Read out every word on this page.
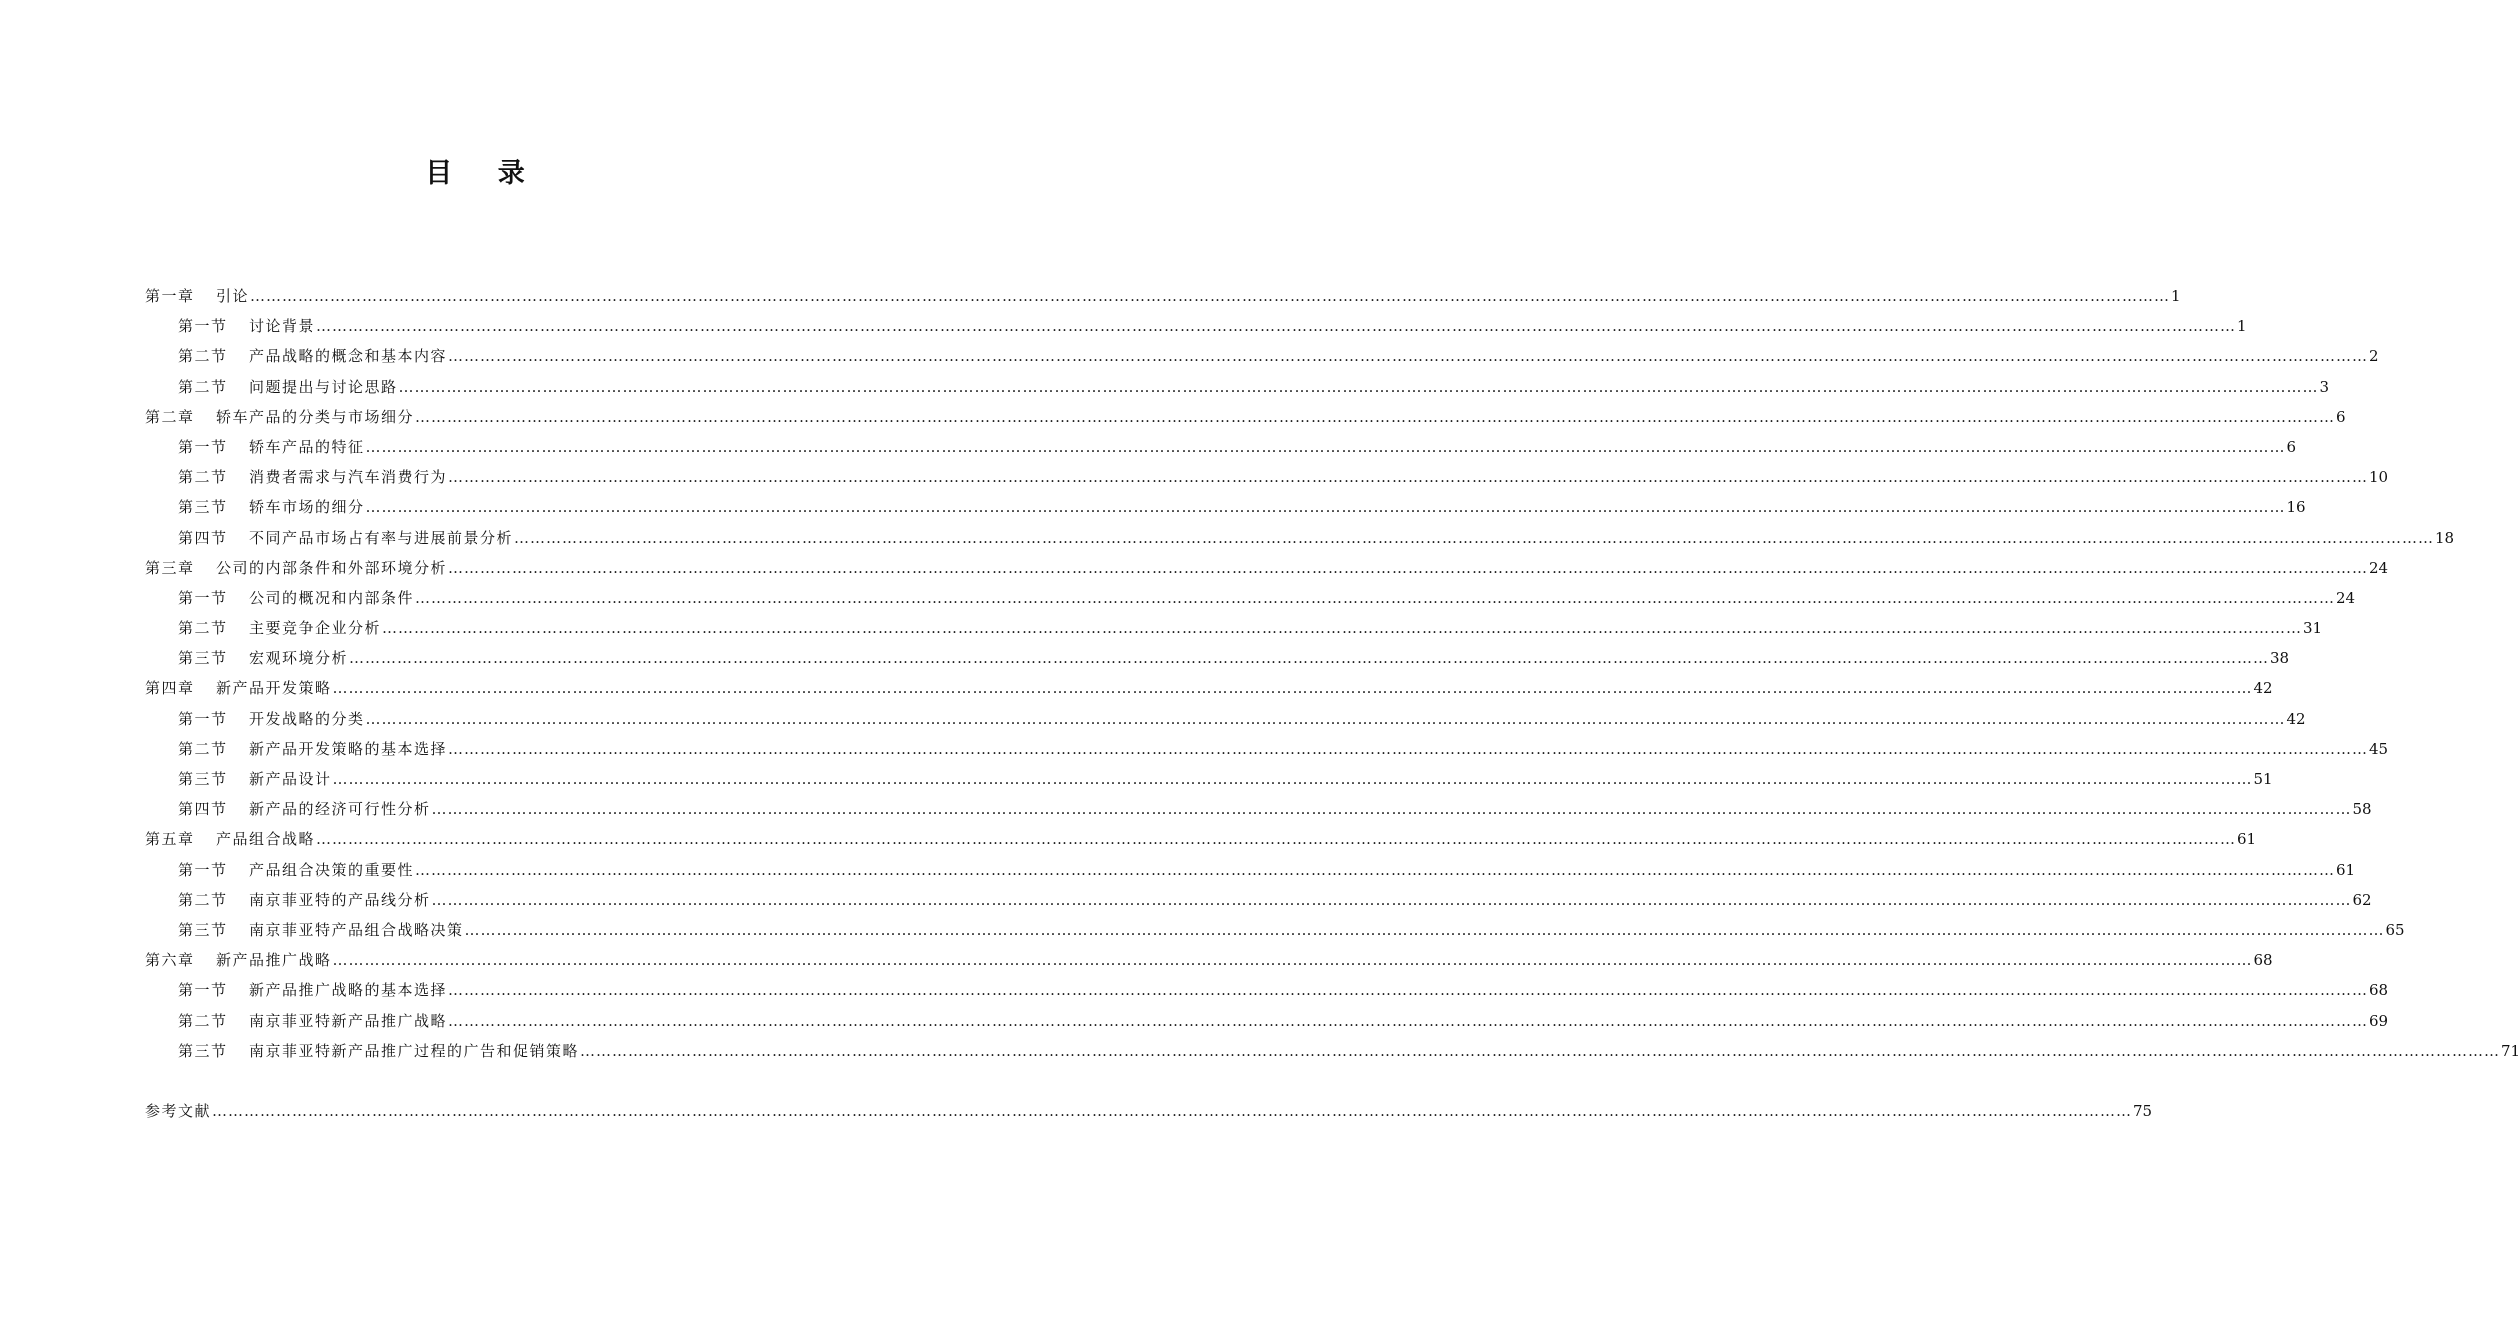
目 录
第一章	引论 ……………………………………………………………………………………………………………………………………………………………………………………………………………………………………………………………………………………………………………………………… 1
第一节	讨论背景 ……………………………………………………………………………………………………………………………………………………………………………………………………………………………………………………………………………………………………………………………… 1
第二节	产品战略的概念和基本内容 ……………………………………………………………………………………………………………………………………………………………………………………………………………………………………………………………………………………………………………………………… 2
第二节	问题提出与讨论思路 ……………………………………………………………………………………………………………………………………………………………………………………………………………………………………………………………………………………………………………………………… 3
第二章	轿车产品的分类与市场细分 ……………………………………………………………………………………………………………………………………………………………………………………………………………………………………………………………………………………………………………………………… 6
第一节	轿车产品的特征 ……………………………………………………………………………………………………………………………………………………………………………………………………………………………………………………………………………………………………………………………… 6
第二节	消费者需求与汽车消费行为 ……………………………………………………………………………………………………………………………………………………………………………………………………………………………………………………………………………………………………………………………… 10
第三节	轿车市场的细分 ……………………………………………………………………………………………………………………………………………………………………………………………………………………………………………………………………………………………………………………………… 16
第四节	不同产品市场占有率与进展前景分析 ……………………………………………………………………………………………………………………………………………………………………………………………………………………………………………………………………………………………………………………………… 18
第三章	公司的内部条件和外部环境分析 ……………………………………………………………………………………………………………………………………………………………………………………………………………………………………………………………………………………………………………………………… 24
第一节	公司的概况和内部条件 ……………………………………………………………………………………………………………………………………………………………………………………………………………………………………………………………………………………………………………………………… 24
第二节	主要竞争企业分析 ……………………………………………………………………………………………………………………………………………………………………………………………………………………………………………………………………………………………………………………………… 31
第三节	宏观环境分析 ……………………………………………………………………………………………………………………………………………………………………………………………………………………………………………………………………………………………………………………………… 38
第四章	新产品开发策略 ……………………………………………………………………………………………………………………………………………………………………………………………………………………………………………………………………………………………………………………………… 42
第一节	开发战略的分类 ……………………………………………………………………………………………………………………………………………………………………………………………………………………………………………………………………………………………………………………………… 42
第二节	新产品开发策略的基本选择 ……………………………………………………………………………………………………………………………………………………………………………………………………………………………………………………………………………………………………………………………… 45
第三节	新产品设计 ……………………………………………………………………………………………………………………………………………………………………………………………………………………………………………………………………………………………………………………………… 51
第四节	新产品的经济可行性分析 ……………………………………………………………………………………………………………………………………………………………………………………………………………………………………………………………………………………………………………………………… 58
第五章	产品组合战略 ……………………………………………………………………………………………………………………………………………………………………………………………………………………………………………………………………………………………………………………………… 61
第一节	产品组合决策的重要性 ……………………………………………………………………………………………………………………………………………………………………………………………………………………………………………………………………………………………………………………………… 61
第二节	南京菲亚特的产品线分析 ……………………………………………………………………………………………………………………………………………………………………………………………………………………………………………………………………………………………………………………………… 62
第三节	南京菲亚特产品组合战略决策 ……………………………………………………………………………………………………………………………………………………………………………………………………………………………………………………………………………………………………………………………… 65
第六章	新产品推广战略 ……………………………………………………………………………………………………………………………………………………………………………………………………………………………………………………………………………………………………………………………… 68
第一节	新产品推广战略的基本选择 ……………………………………………………………………………………………………………………………………………………………………………………………………………………………………………………………………………………………………………………………… 68
第二节	南京菲亚特新产品推广战略 ……………………………………………………………………………………………………………………………………………………………………………………………………………………………………………………………………………………………………………………………… 69
第三节	南京菲亚特新产品推广过程的广告和促销策略 ……………………………………………………………………………………………………………………………………………………………………………………………………………………………………………………………………………………………………………………………… 71
参考文献 ……………………………………………………………………………………………………………………………………………………………………………………………………………………………………………………………………………………………………………………………… 75
